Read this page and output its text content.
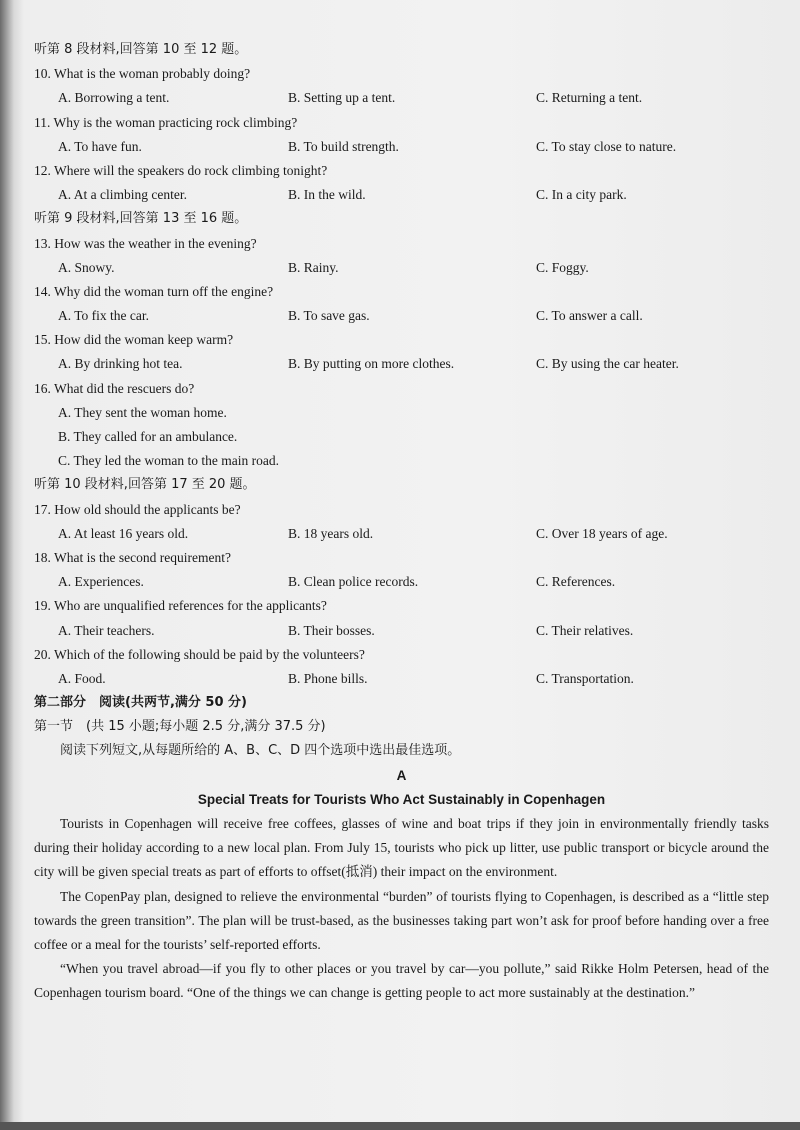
听第 8 段材料,回答第 10 至 12 题。
10. What is the woman probably doing?
A. Borrowing a tent.	B. Setting up a tent.	C. Returning a tent.
11. Why is the woman practicing rock climbing?
A. To have fun.	B. To build strength.	C. To stay close to nature.
12. Where will the speakers do rock climbing tonight?
A. At a climbing center.	B. In the wild.	C. In a city park.
听第 9 段材料,回答第 13 至 16 题。
13. How was the weather in the evening?
A. Snowy.	B. Rainy.	C. Foggy.
14. Why did the woman turn off the engine?
A. To fix the car.	B. To save gas.	C. To answer a call.
15. How did the woman keep warm?
A. By drinking hot tea.	B. By putting on more clothes.	C. By using the car heater.
16. What did the rescuers do?
A. They sent the woman home.
B. They called for an ambulance.
C. They led the woman to the main road.
听第 10 段材料,回答第 17 至 20 题。
17. How old should the applicants be?
A. At least 16 years old.	B. 18 years old.	C. Over 18 years of age.
18. What is the second requirement?
A. Experiences.	B. Clean police records.	C. References.
19. Who are unqualified references for the applicants?
A. Their teachers.	B. Their bosses.	C. Their relatives.
20. Which of the following should be paid by the volunteers?
A. Food.	B. Phone bills.	C. Transportation.
第二部分　阅读(共两节,满分 50 分)
第一节　(共 15 小题;每小题 2.5 分,满分 37.5 分)
阅读下列短文,从每题所给的 A、B、C、D 四个选项中选出最佳选项。
A
Special Treats for Tourists Who Act Sustainably in Copenhagen
Tourists in Copenhagen will receive free coffees, glasses of wine and boat trips if they join in environmentally friendly tasks during their holiday according to a new local plan. From July 15, tourists who pick up litter, use public transport or bicycle around the city will be given special treats as part of efforts to offset(抵消) their impact on the environment.
The CopenPay plan, designed to relieve the environmental “burden” of tourists flying to Copenhagen, is described as a “little step towards the green transition”. The plan will be trust-based, as the businesses taking part won’t ask for proof before handing over a free coffee or a meal for the tourists’ self-reported efforts.
“When you travel abroad—if you fly to other places or you travel by car—you pollute,” said Rikke Holm Petersen, head of the Copenhagen tourism board. “One of the things we can change is getting people to act more sustainably at the destination.”
